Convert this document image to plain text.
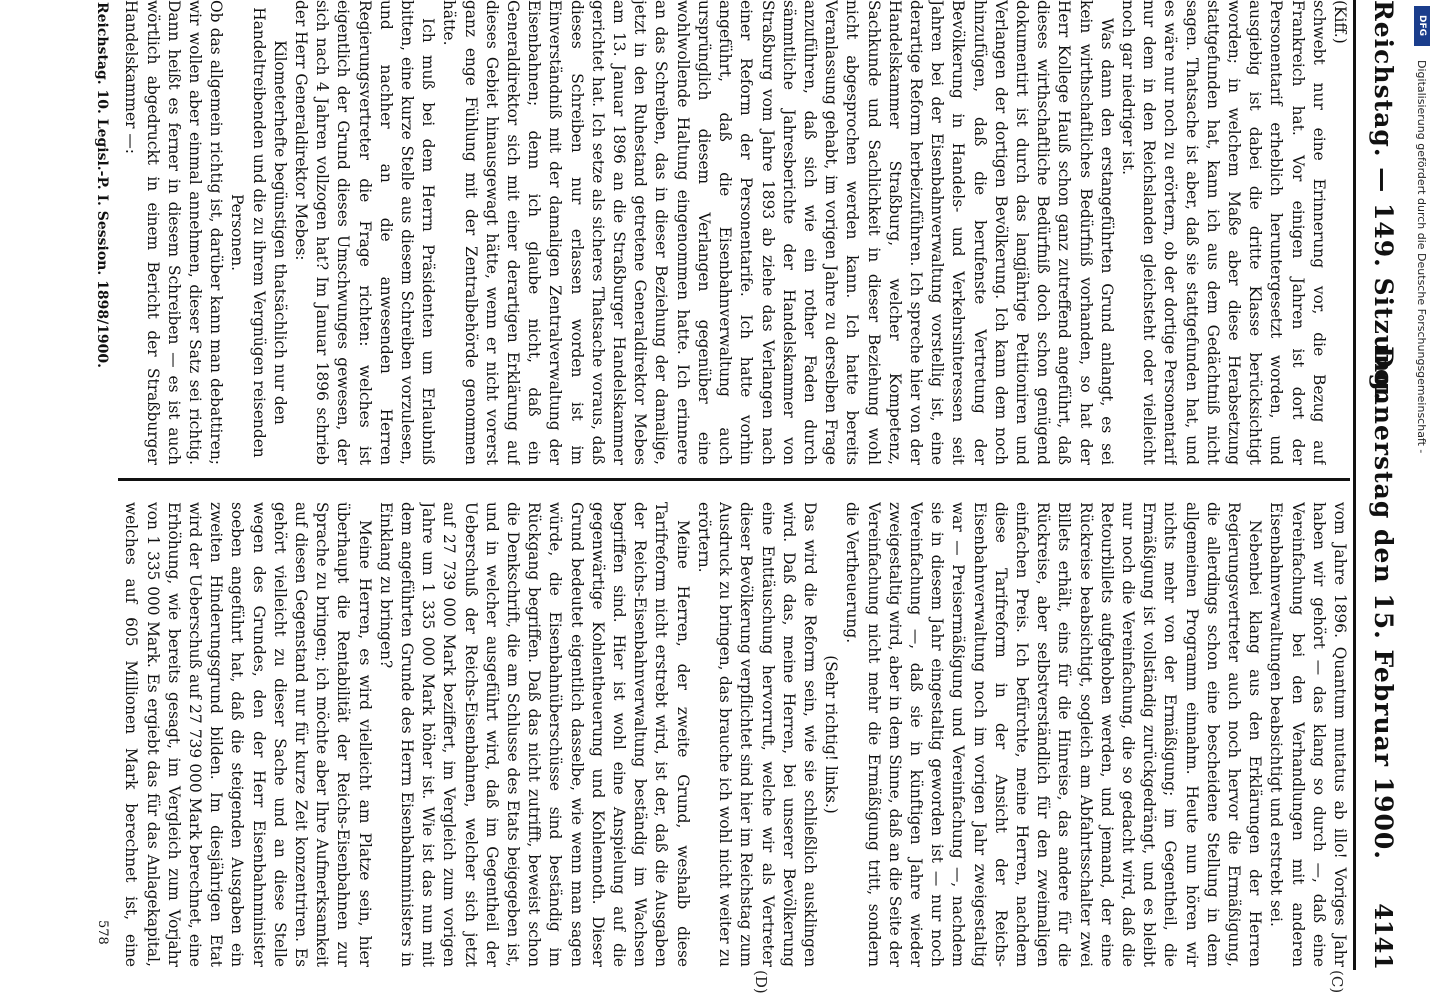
DFG
Digitalisierung gefördert durch die Deutsche Forschungsgemeinschaft -
Reichstag. — 149. Sitzung.
Donnerstag den 15. Februar 1900.
4141

(Kiff.)

schwebt nur eine Erinnerung vor, die Bezug auf Frankreich hat. Vor einigen Jahren ist dort der Personentarif erheblich heruntergesetzt worden, und ausgiebig ist dabei die dritte Klasse berücksichtigt worden; in welchem Maße aber diese Herabsetzung stattgefunden hat, kann ich aus dem Gedächtniß nicht sagen. Thatsache ist aber, daß sie stattgefunden hat, und es wäre nur noch zu erörtern, ob der dortige Personentarif nur dem in den Reichslanden gleichsteht oder vielleicht noch gar niedriger ist.

Was dann den erstangeführten Grund anlangt, es sei kein wirthschaftliches Bedürfniß vorhanden, so hat der Herr Kollege Hauß schon ganz zutreffend angeführt, daß dieses wirthschaftliche Bedürfniß doch schon genügend dokumentirt ist durch das langjährige Petitioniren und Verlangen der dortigen Bevölkerung. Ich kann dem noch hinzufügen, daß die berufenste Vertretung der Bevölkerung in Handels- und Verkehrsinteressen seit Jahren bei der Eisenbahnverwaltung vorstellig ist, eine derartige Reform herbeizuführen. Ich spreche hier von der Handelskammer Straßburg, welcher Kompetenz, Sachkunde und Sachlichkeit in dieser Beziehung wohl nicht abgesprochen werden kann. Ich hatte bereits Veranlassung gehabt, im vorigen Jahre zu derselben Frage anzuführen, daß sich wie ein rother Faden durch sämmtliche Jahresberichte der Handelskammer von Straßburg vom Jahre 1893 ab ziehe das Verlangen nach einer Reform der Personentarife. Ich hatte vorhin angeführt, daß die Eisenbahnverwaltung auch ursprünglich diesem Verlangen gegenüber eine wohlwollende Haltung eingenommen hatte. Ich erinnere an das Schreiben, das in dieser Beziehung der damalige, jetzt in den Ruhestand getretene Generaldirektor Mebes am 13. Januar 1896 an die Straßburger Handelskammer gerichtet hat. Ich setze als sicheres Thatsache voraus, daß dieses Schreiben nur erlassen worden ist im Einverständniß mit der damaligen Zentralverwaltung der Eisenbahnen; denn ich glaube nicht, daß ein Generaldirektor sich mit einer derartigen Erklärung auf dieses Gebiet hinausgewagt hätte, wenn er nicht vorerst ganz enge Fühlung mit der Zentralbehörde genommen hätte.

Ich muß bei dem Herrn Präsidenten um Erlaubniß bitten, eine kurze Stelle aus diesem Schreiben vorzulesen, und nachher an die anwesenden Herren Regierungsvertreter die Frage richten: welches ist eigentlich der Grund dieses Umschwunges gewesen, der sich nach 4 Jahren vollzogen hat? Im Januar 1896 schrieb der Herr Generaldirektor Mebes:

Kilometerhefte begünstigen thatsächlich nur den Handeltreibenden und die zu ihrem Vergnügen reisenden Personen.

Ob das allgemein richtig ist, darüber kann man debattiren; wir wollen aber einmal annehmen, dieser Satz sei richtig. Dann heißt es ferner in diesem Schreiben — es ist auch wörtlich abgedruckt in einem Bericht der Straßburger Handelskammer —:

vom Jahre 1896. Quantum mutatus ab illo! Voriges Jahr haben wir gehört — das klang so durch —, daß eine Vereinfachung bei den Verhandlungen mit anderen Eisenbahnverwaltungen beabsichtigt und erstrebt sei.

Nebenbei klang aus den Erklärungen der Herren Regierungsvertreter auch noch hervor die Ermäßigung, die allerdings schon eine bescheidene Stellung in dem allgemeinen Programm einnahm. Heute nun hören wir nichts mehr von der Ermäßigung; im Gegentheil, die Ermäßigung ist vollständig zurückgedrängt, und es bleibt nur noch die Vereinfachung, die so gedacht wird, daß die Retourbillets aufgehoben werden, und jemand, der eine Rückreise beabsichtigt, sogleich am Abfahrtsschalter zwei Billets erhält, eins für die Hinreise, das andere für die Rückreise, aber selbstverständlich für den zweimaligen einfachen Preis. Ich befürchte, meine Herren, nachdem diese Tarifreform in der Ansicht der Reichs-Eisenbahnverwaltung noch im vorigen Jahr zweigestaltig war — Preisermäßigung und Vereinfachung —, nachdem sie in diesem Jahr eingestaltig geworden ist — nur noch Vereinfachung —, daß sie in künftigen Jahre wieder zweigestaltig wird, aber in dem Sinne, daß an die Seite der Vereinfachung nicht mehr die Ermäßigung tritt, sondern die Vertheuerung.

(Sehr richtig! links.)

Das wird die Reform sein, wie sie schließlich ausklingen wird. Daß das, meine Herren, bei unserer Bevölkerung eine Enttäuschung hervorruft, welche wir als Vertreter dieser Bevölkerung verpflichtet sind hier im Reichstag zum Ausdruck zu bringen, das brauche ich wohl nicht weiter zu erörtern.

Meine Herren, der zweite Grund, weshalb diese Tarifreform nicht erstrebt wird, ist der, daß die Ausgaben der Reichs-Eisenbahnverwaltung beständig im Wachsen begriffen sind. Hier ist wohl eine Anspielung auf die gegenwärtige Kohlentheuerung und Kohlennoth. Dieser Grund bedeutet eigentlich dasselbe, wie wenn man sagen würde, die Eisenbahnüberschüsse sind beständig im Rückgang begriffen. Daß das nicht zutrifft, beweist schon die Denkschrift, die am Schlusse des Etats beigegeben ist, und in welcher ausgeführt wird, daß im Gegentheil der Ueberschuß der Reichs-Eisenbahnen, welcher sich jetzt auf 27 739 000 Mark beziffert, im Vergleich zum vorigen Jahre um 1 335 000 Mark höher ist. Wie ist das nun mit dem angeführten Grunde des Herrn Eisenbahnministers in Einklang zu bringen?

Meine Herren, es wird vielleicht am Platze sein, hier überhaupt die Rentabilität der Reichs-Eisenbahnen zur Sprache zu bringen; ich möchte aber Ihre Aufmerksamkeit auf diesen Gegenstand nur für kurze Zeit konzentriren. Es gehört vielleicht zu dieser Sache und an diese Stelle wegen des Grundes, den der Herr Eisenbahnminister soeben angeführt hat, daß die steigenden Ausgaben ein zweiten Hinderungsgrund bilden. Im diesjährigen Etat wird der Ueberschuß auf 27 739 000 Mark berechnet, eine Erhöhung, wie bereits gesagt, im Vergleich zum Vorjahr von 1 335 000 Mark. Es ergiebt das für das Anlagekapital, welches auf 605 Millionen Mark berechnet ist, eine

(C)
(D)
Reichstag. 10. Legisl.-P. I. Session. 1898/1900.
578
